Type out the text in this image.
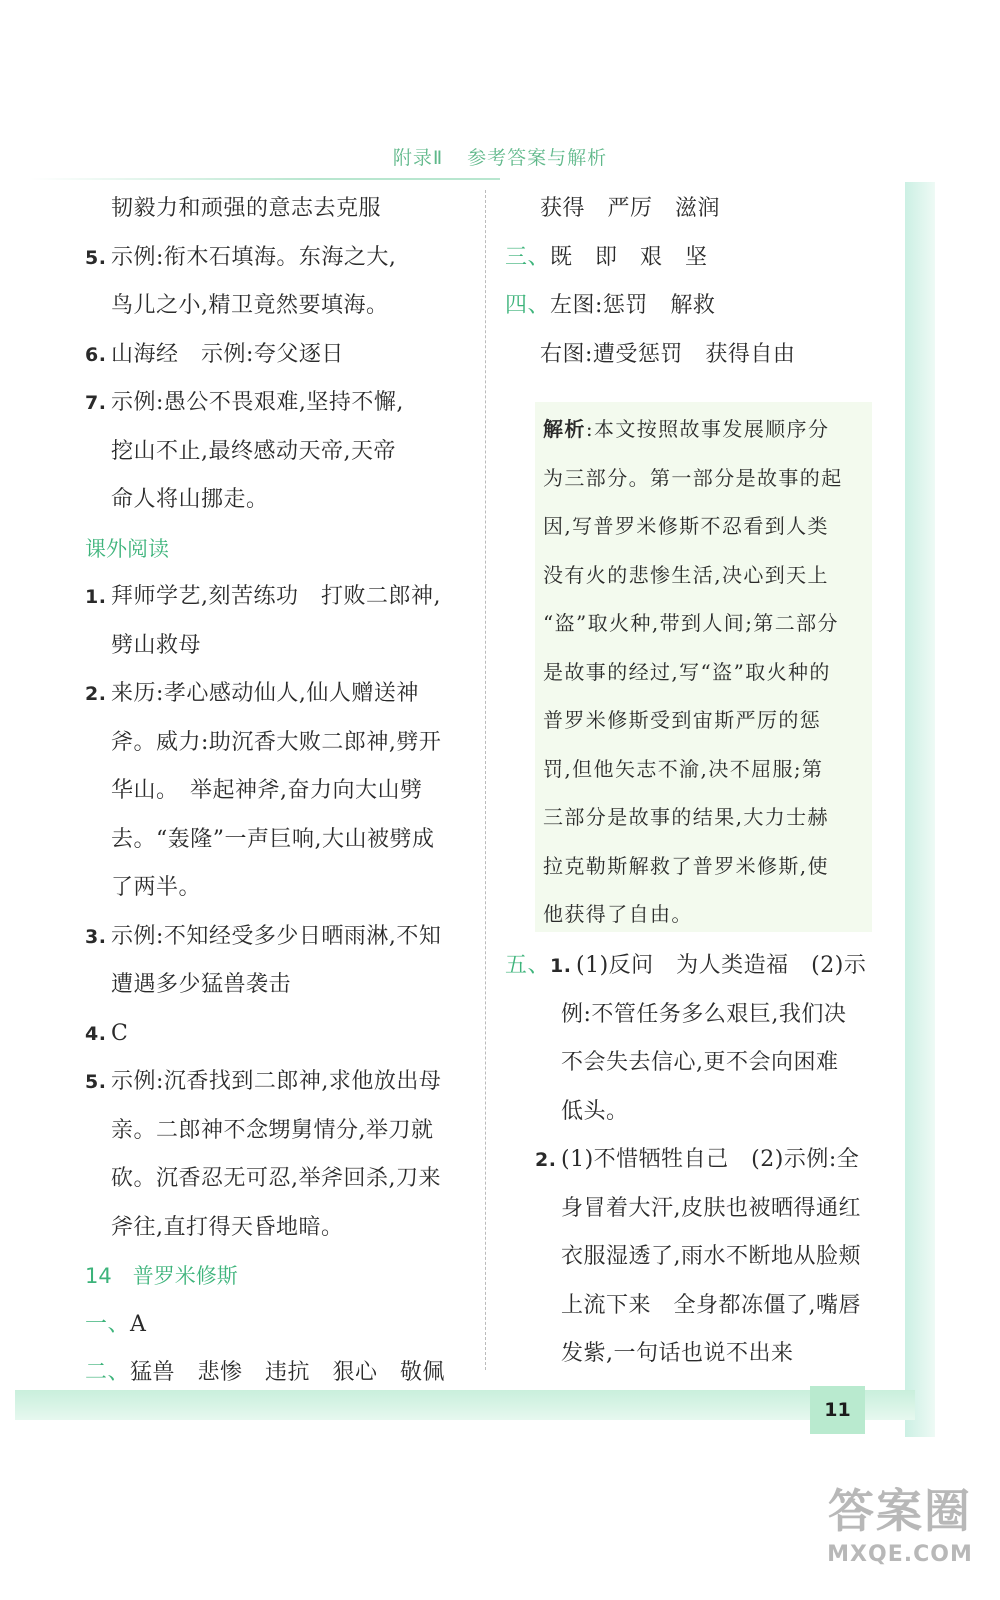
附录Ⅱ 参考答案与解析
11
韧毅力和顽强的意志去克服
5. 示例:衔木石填海。东海之大,
鸟儿之小,精卫竟然要填海。
6. 山海经　示例:夸父逐日
7. 示例:愚公不畏艰难,坚持不懈,
挖山不止,最终感动天帝,天帝
命人将山挪走。
课外阅读
1. 拜师学艺,刻苦练功　打败二郎神,
劈山救母
2. 来历:孝心感动仙人,仙人赠送神
斧。威力:助沉香大败二郎神,劈开
华山。　举起神斧,奋力向大山劈
去。“轰隆”一声巨响,大山被劈成
了两半。
3. 示例:不知经受多少日晒雨淋,不知
遭遇多少猛兽袭击
4. C
5. 示例:沉香找到二郎神,求他放出母
亲。二郎神不念甥舅情分,举刀就
砍。沉香忍无可忍,举斧回杀,刀来
斧往,直打得天昏地暗。
14　 普罗米修斯
一、A
二、猛兽　悲惨　违抗　狠心　敬佩
获得　严厉　滋润
三、既　即　艰　坚
四、左图:惩罚　解救
右图:遭受惩罚　获得自由
解析:本文按照故事发展顺序分
为三部分。第一部分是故事的起
因,写普罗米修斯不忍看到人类
没有火的悲惨生活,决心到天上
“盗”取火种,带到人间;第二部分
是故事的经过,写“盗”取火种的
普罗米修斯受到宙斯严厉的惩
罚,但他矢志不渝,决不屈服;第
三部分是故事的结果,大力士赫
拉克勒斯解救了普罗米修斯,使
他获得了自由。
五、1. (1)反问　为人类造福　(2)示
例:不管任务多么艰巨,我们决
不会失去信心,更不会向困难
低头。
2. (1)不惜牺牲自己　(2)示例:全
身冒着大汗,皮肤也被晒得通红
衣服湿透了,雨水不断地从脸颊
上流下来　全身都冻僵了,嘴唇
发紫,一句话也说不出来
答案圈
MXQE.COM
